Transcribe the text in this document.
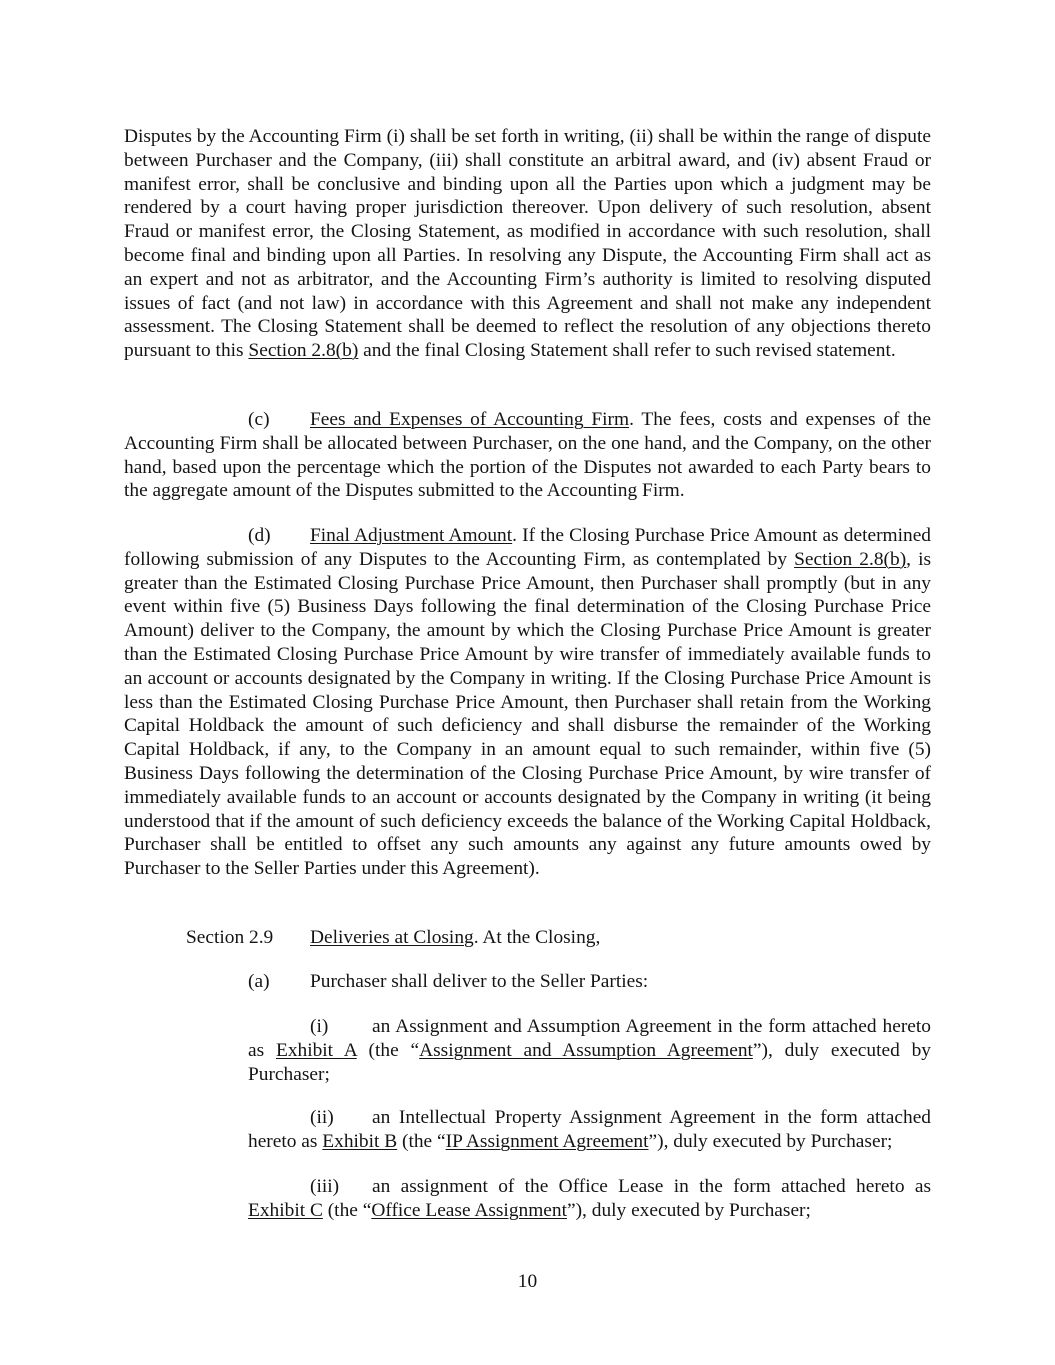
Disputes by the Accounting Firm (i) shall be set forth in writing, (ii) shall be within the range of dispute between Purchaser and the Company, (iii) shall constitute an arbitral award, and (iv) absent Fraud or manifest error, shall be conclusive and binding upon all the Parties upon which a judgment may be rendered by a court having proper jurisdiction thereover. Upon delivery of such resolution, absent Fraud or manifest error, the Closing Statement, as modified in accordance with such resolution, shall become final and binding upon all Parties. In resolving any Dispute, the Accounting Firm shall act as an expert and not as arbitrator, and the Accounting Firm’s authority is limited to resolving disputed issues of fact (and not law) in accordance with this Agreement and shall not make any independent assessment. The Closing Statement shall be deemed to reflect the resolution of any objections thereto pursuant to this Section 2.8(b) and the final Closing Statement shall refer to such revised statement.

(c) Fees and Expenses of Accounting Firm. The fees, costs and expenses of the Accounting Firm shall be allocated between Purchaser, on the one hand, and the Company, on the other hand, based upon the percentage which the portion of the Disputes not awarded to each Party bears to the aggregate amount of the Disputes submitted to the Accounting Firm.

(d) Final Adjustment Amount. If the Closing Purchase Price Amount as determined following submission of any Disputes to the Accounting Firm, as contemplated by Section 2.8(b), is greater than the Estimated Closing Purchase Price Amount, then Purchaser shall promptly (but in any event within five (5) Business Days following the final determination of the Closing Purchase Price Amount) deliver to the Company, the amount by which the Closing Purchase Price Amount is greater than the Estimated Closing Purchase Price Amount by wire transfer of immediately available funds to an account or accounts designated by the Company in writing. If the Closing Purchase Price Amount is less than the Estimated Closing Purchase Price Amount, then Purchaser shall retain from the Working Capital Holdback the amount of such deficiency and shall disburse the remainder of the Working Capital Holdback, if any, to the Company in an amount equal to such remainder, within five (5) Business Days following the determination of the Closing Purchase Price Amount, by wire transfer of immediately available funds to an account or accounts designated by the Company in writing (it being understood that if the amount of such deficiency exceeds the balance of the Working Capital Holdback, Purchaser shall be entitled to offset any such amounts any against any future amounts owed by Purchaser to the Seller Parties under this Agreement).

Section 2.9 Deliveries at Closing. At the Closing,

(a) Purchaser shall deliver to the Seller Parties:

(i) an Assignment and Assumption Agreement in the form attached hereto as Exhibit A (the “Assignment and Assumption Agreement”), duly executed by Purchaser;

(ii) an Intellectual Property Assignment Agreement in the form attached hereto as Exhibit B (the “IP Assignment Agreement”), duly executed by Purchaser;

(iii) an assignment of the Office Lease in the form attached hereto as Exhibit C (the “Office Lease Assignment”), duly executed by Purchaser;

10
